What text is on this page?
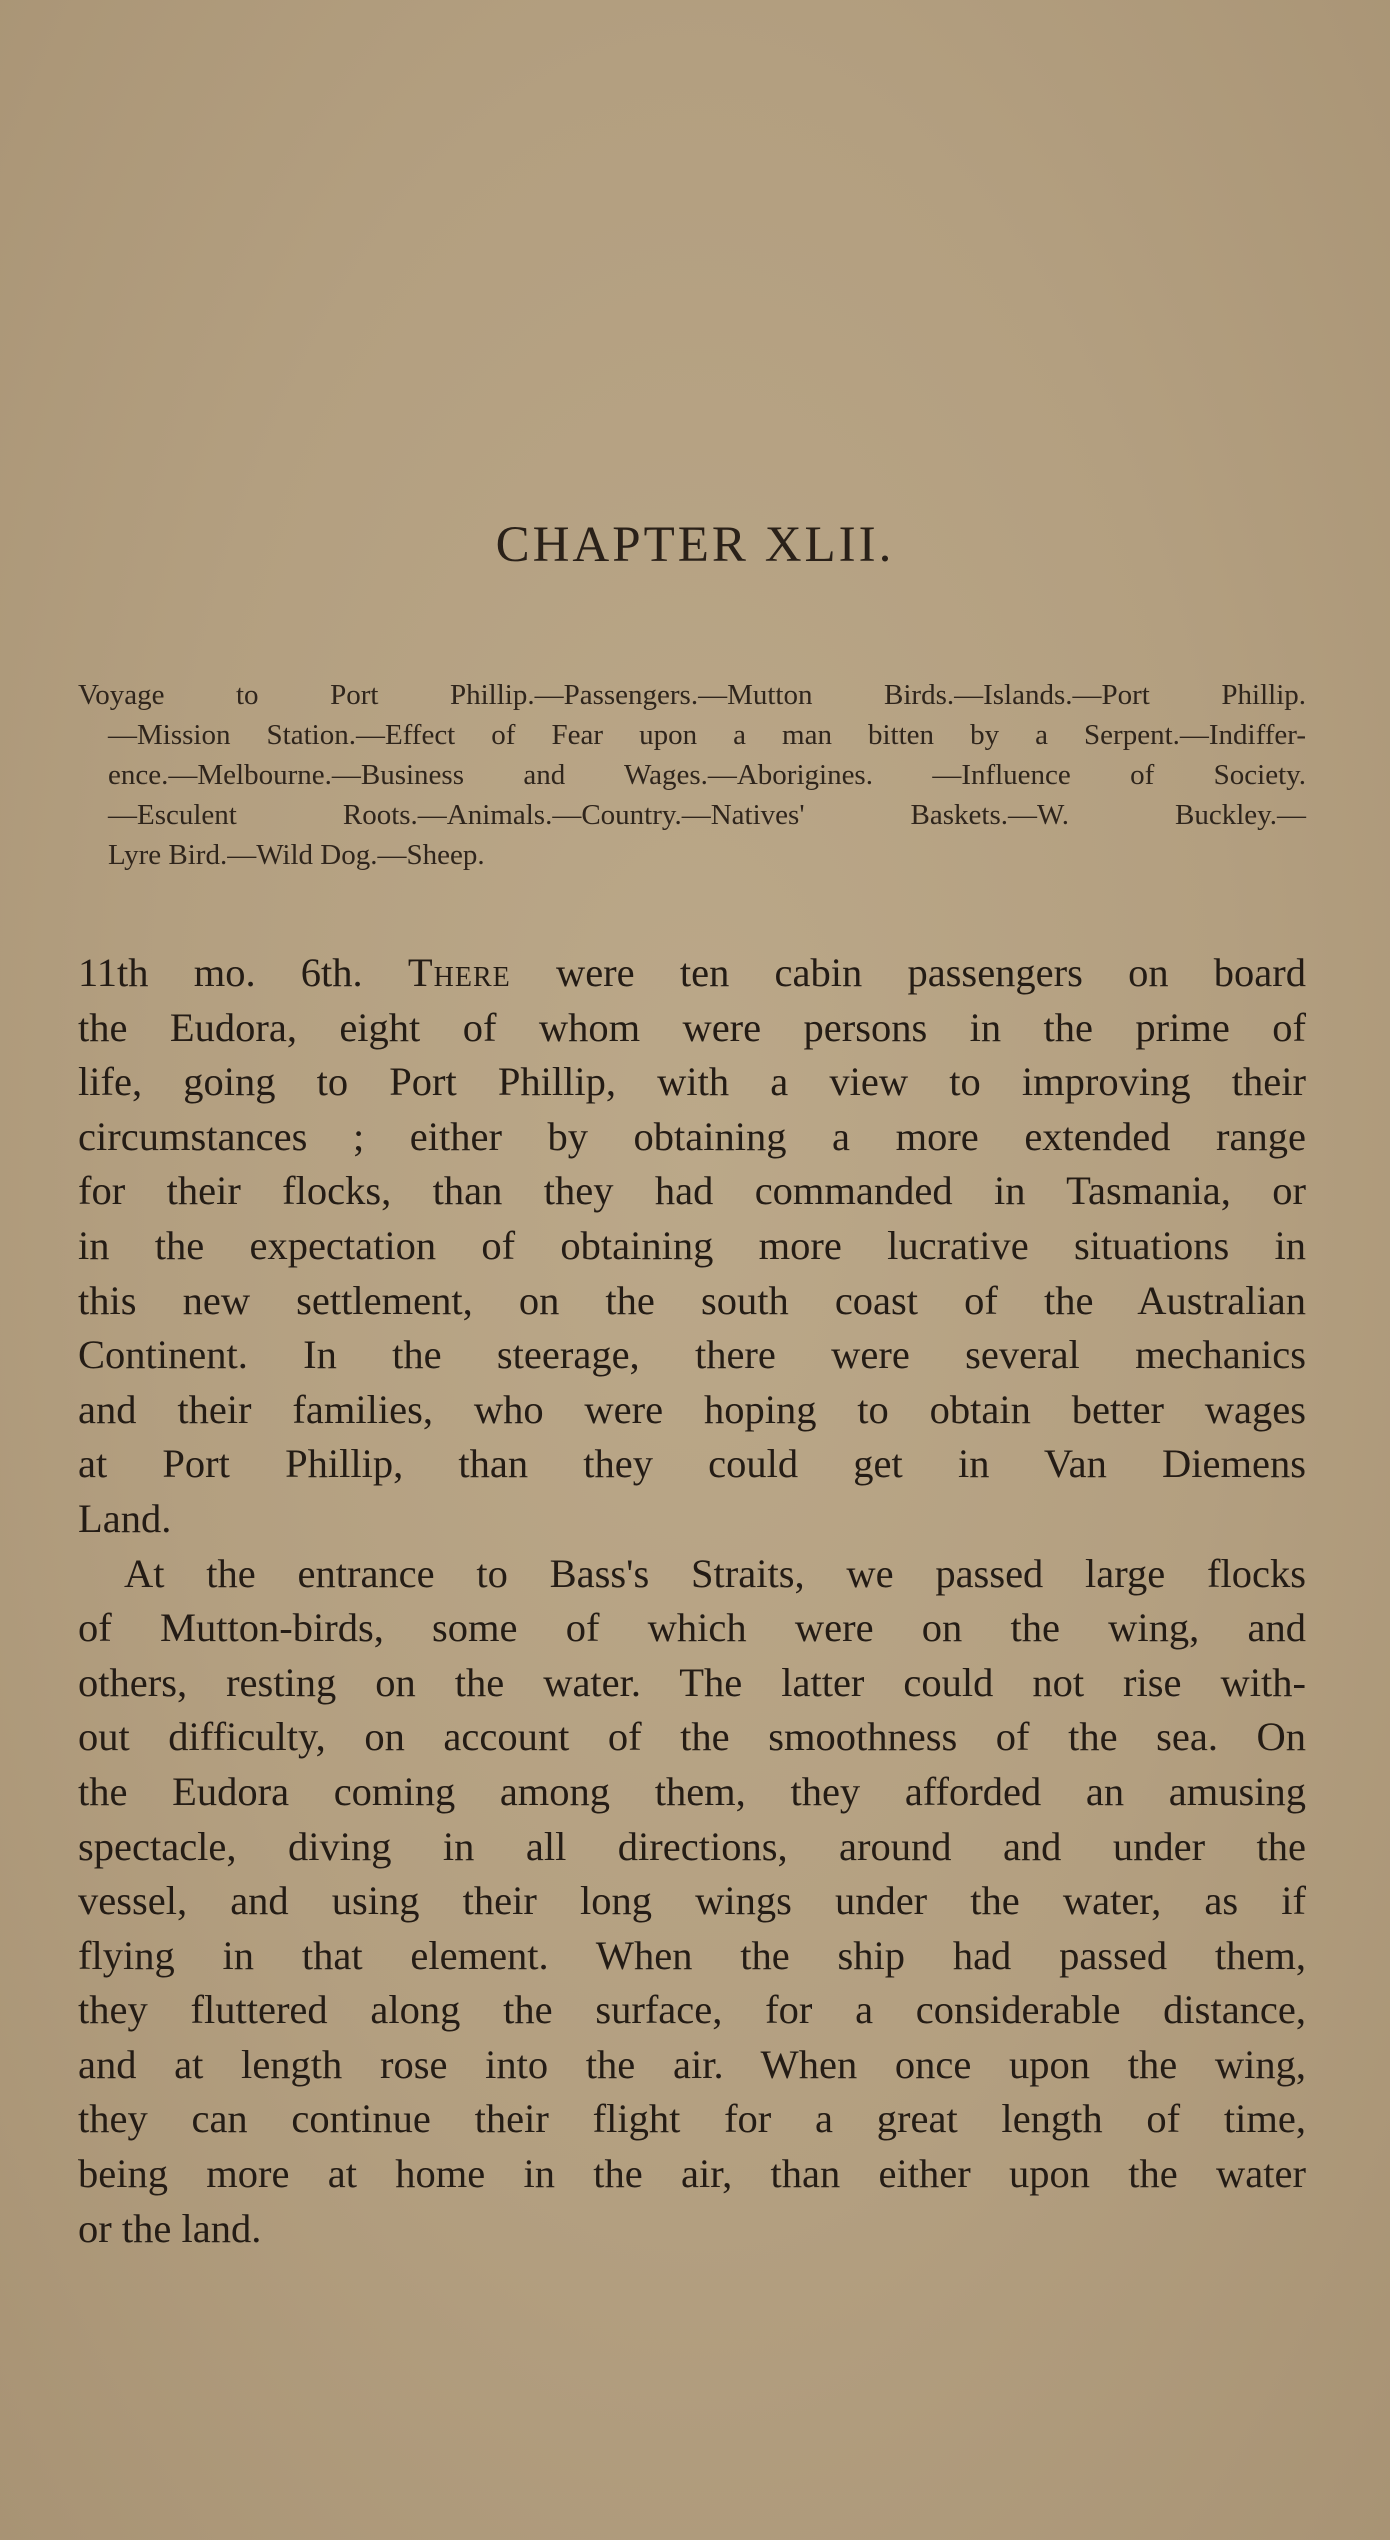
CHAPTER XLII.

Voyage to Port Phillip.—Passengers.—Mutton Birds.—Islands.—Port Phillip.
—Mission Station.—Effect of Fear upon a man bitten by a Serpent.—Indiffer-
ence.—Melbourne.—Business and Wages.—Aborigines. —Influence of Society.
—Esculent Roots.—Animals.—Country.—Natives' Baskets.—W. Buckley.—
Lyre Bird.—Wild Dog.—Sheep.

11th mo. 6th. There were ten cabin passengers on board
the Eudora, eight of whom were persons in the prime of
life, going to Port Phillip, with a view to improving their
circumstances ; either by obtaining a more extended range
for their flocks, than they had commanded in Tasmania, or
in the expectation of obtaining more lucrative situations in
this new settlement, on the south coast of the Australian
Continent. In the steerage, there were several mechanics
and their families, who were hoping to obtain better wages
at Port Phillip, than they could get in Van Diemens
Land.
At the entrance to Bass's Straits, we passed large flocks
of Mutton-birds, some of which were on the wing, and
others, resting on the water. The latter could not rise with-
out difficulty, on account of the smoothness of the sea. On
the Eudora coming among them, they afforded an amusing
spectacle, diving in all directions, around and under the
vessel, and using their long wings under the water, as if
flying in that element. When the ship had passed them,
they fluttered along the surface, for a considerable distance,
and at length rose into the air. When once upon the wing,
they can continue their flight for a great length of time,
being more at home in the air, than either upon the water
or the land.
